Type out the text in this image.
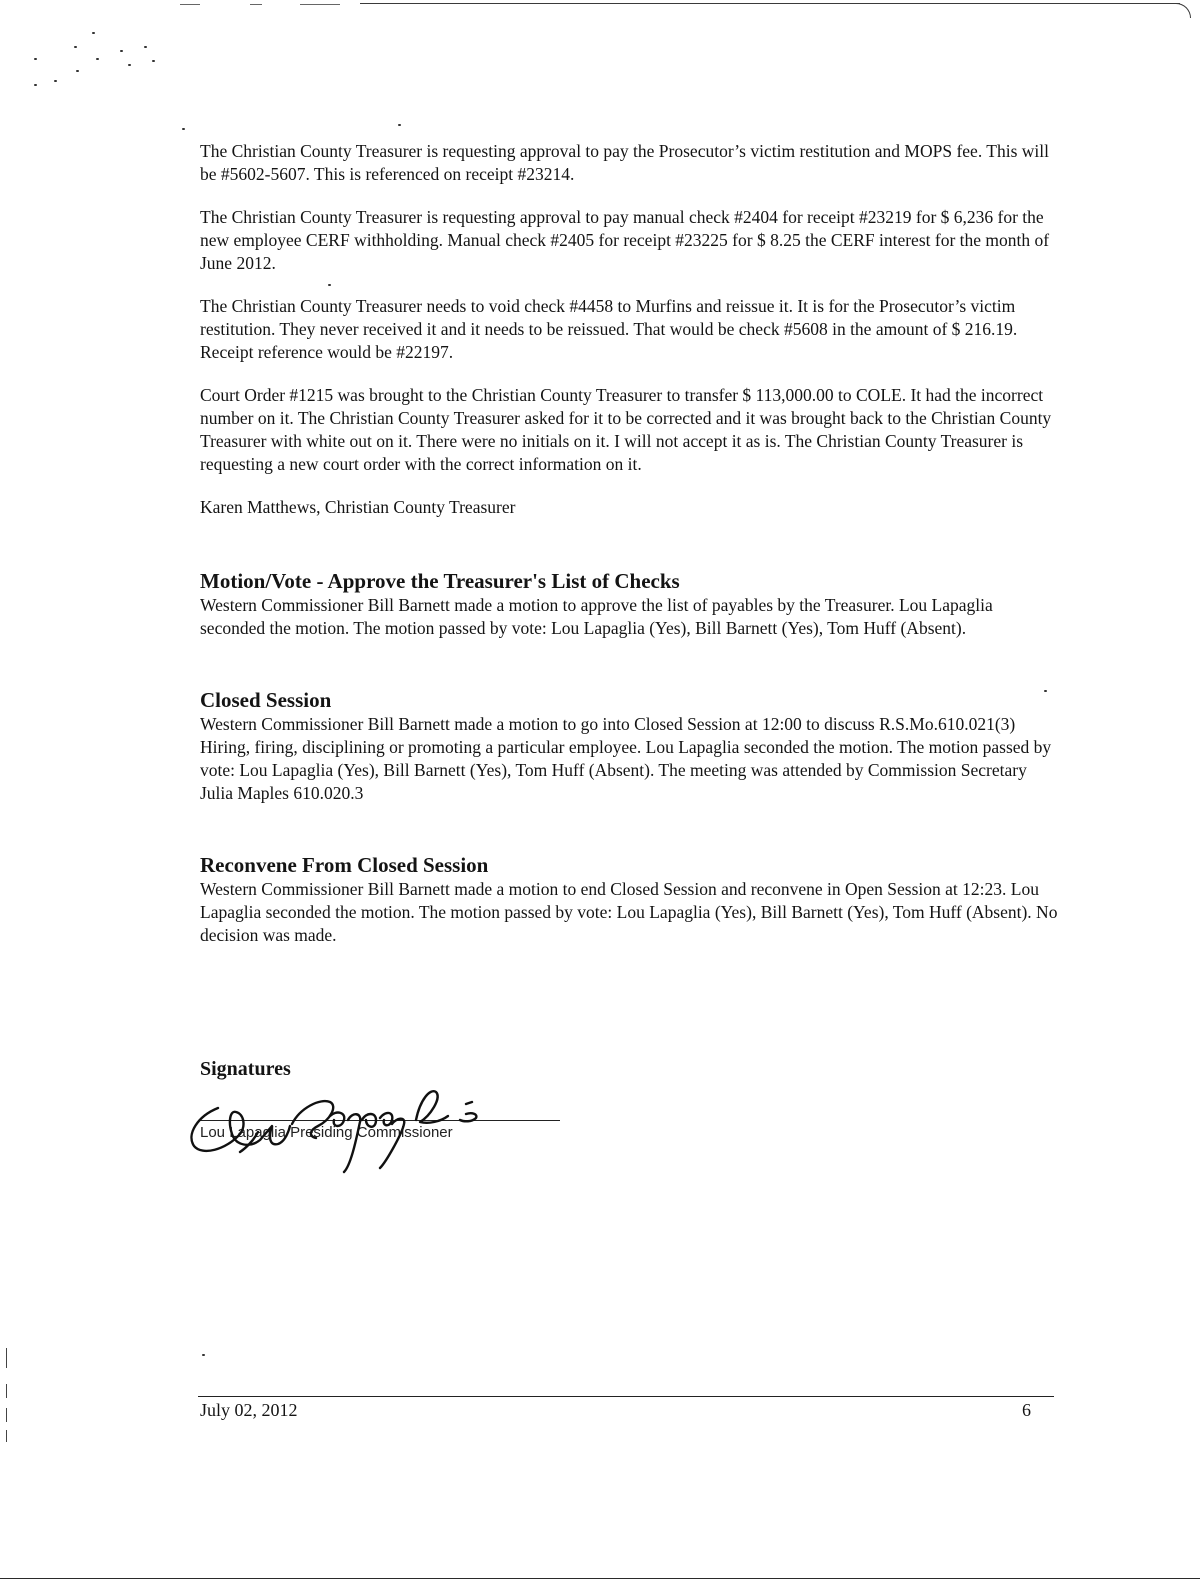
The Christian County Treasurer is requesting approval to pay the Prosecutor’s victim restitution and MOPS fee. This will be #5602-5607. This is referenced on receipt #23214.

The Christian County Treasurer is requesting approval to pay manual check #2404 for receipt #23219 for $ 6,236 for the new employee CERF withholding. Manual check #2405 for receipt #23225 for $ 8.25 the CERF interest for the month of June 2012.

The Christian County Treasurer needs to void check #4458 to Murfins and reissue it. It is for the Prosecutor’s victim restitution. They never received it and it needs to be reissued. That would be check #5608 in the amount of $ 216.19. Receipt reference would be #22197.

Court Order #1215 was brought to the Christian County Treasurer to transfer $ 113,000.00 to COLE. It had the incorrect number on it. The Christian County Treasurer asked for it to be corrected and it was brought back to the Christian County Treasurer with white out on it. There were no initials on it. I will not accept it as is. The Christian County Treasurer is requesting a new court order with the correct information on it.

Karen Matthews, Christian County Treasurer

Motion/Vote - Approve the Treasurer's List of Checks

Western Commissioner Bill Barnett made a motion to approve the list of payables by the Treasurer. Lou Lapaglia seconded the motion. The motion passed by vote: Lou Lapaglia (Yes), Bill Barnett (Yes), Tom Huff (Absent).

Closed Session

Western Commissioner Bill Barnett made a motion to go into Closed Session at 12:00 to discuss R.S.Mo.610.021(3) Hiring, firing, disciplining or promoting a particular employee. Lou Lapaglia seconded the motion. The motion passed by vote: Lou Lapaglia (Yes), Bill Barnett (Yes), Tom Huff (Absent). The meeting was attended by Commission Secretary Julia Maples 610.020.3

Reconvene From Closed Session

Western Commissioner Bill Barnett made a motion to end Closed Session and reconvene in Open Session at 12:23. Lou Lapaglia seconded the motion. The motion passed by vote: Lou Lapaglia (Yes), Bill Barnett (Yes), Tom Huff (Absent). No decision was made.

Signatures
Lou Lapaglia/Presiding Commissioner
July 02, 2012	6
